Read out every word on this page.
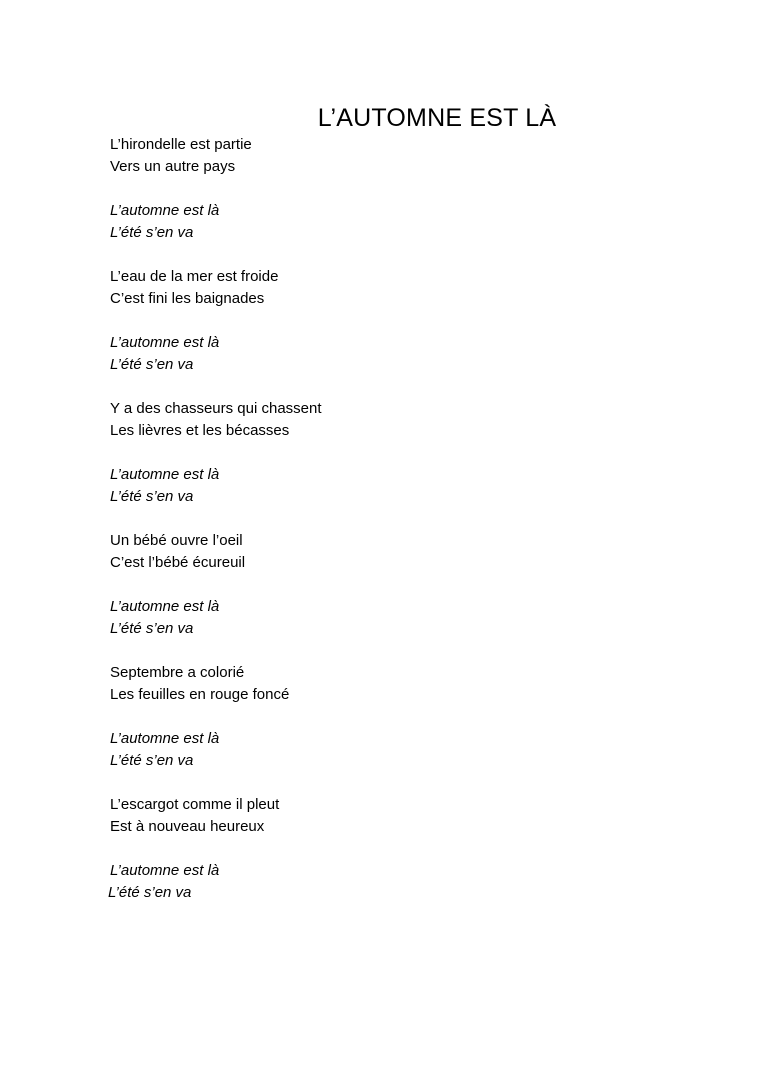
L’AUTOMNE EST LÀ
L’hirondelle est partie
Vers un autre pays
L’automne est là
L’été s’en va
L’eau de la mer est froide
C’est fini les baignades
L’automne est là
L’été s’en va
Y a des chasseurs qui chassent
Les lièvres et les bécasses
L’automne est là
L’été s’en va
Un bébé ouvre l’oeil
C’est l’bébé écureuil
L’automne est là
L’été s’en va
Septembre a colorié
Les feuilles en rouge foncé
L’automne est là
L’été s’en va
L’escargot comme il pleut
Est à nouveau heureux
L’automne est là
L’été s’en va
